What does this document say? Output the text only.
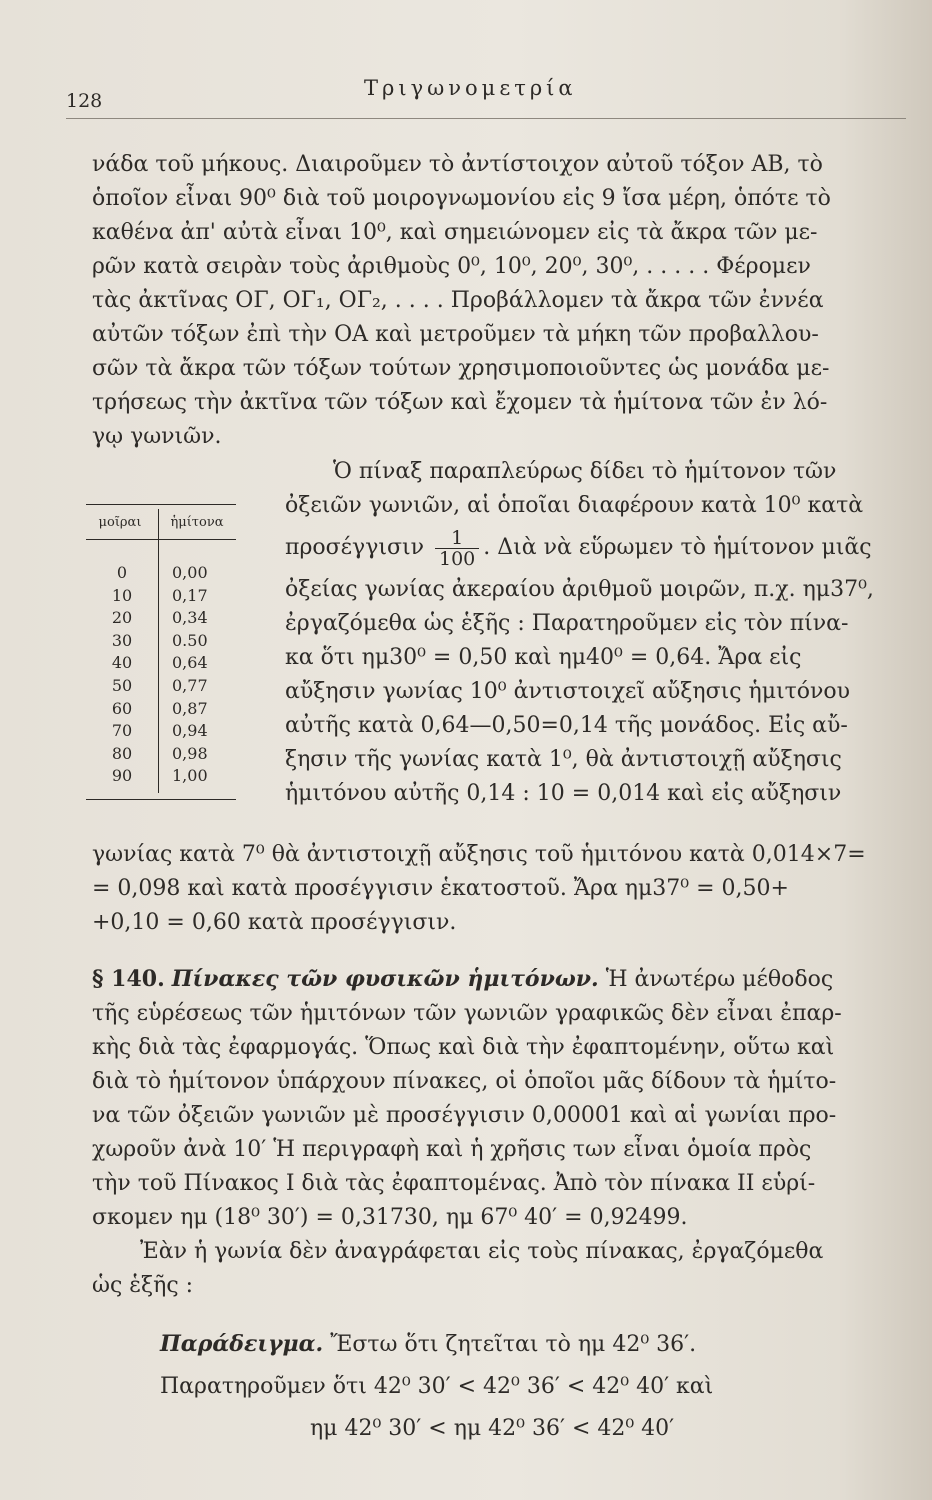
128
Τριγωνομετρία
νάδα τοῦ μήκους. Διαιροῦμεν τὸ ἀντίστοιχον αὐτοῦ τόξον ΑΒ, τὸ
ὁποῖον εἶναι 90⁰ διὰ τοῦ μοιρογνωμονίου εἰς 9 ἴσα μέρη, ὁπότε τὸ
καθένα ἀπ' αὐτὰ εἶναι 10⁰, καὶ σημειώνομεν εἰς τὰ ἄκρα τῶν με-
ρῶν κατὰ σειρὰν τοὺς ἀριθμοὺς 0⁰, 10⁰, 20⁰, 30⁰, . . . . . Φέρομεν
τὰς ἀκτῖνας ΟΓ, ΟΓ₁, ΟΓ₂, . . . . Προβάλλομεν τὰ ἄκρα τῶν ἐννέα
αὐτῶν τόξων ἐπὶ τὴν ΟΑ καὶ μετροῦμεν τὰ μήκη τῶν προβαλλου-
σῶν τὰ ἄκρα τῶν τόξων τούτων χρησιμοποιοῦντες ὡς μονάδα με-
τρήσεως τὴν ἀκτῖνα τῶν τόξων καὶ ἔχομεν τὰ ἡμίτονα τῶν ἐν λό-
γῳ γωνιῶν.
μοῖραι	ἡμίτονα
0	0,00
10	0,17
20	0,34
30	0.50
40	0,64
50	0,77
60	0,87
70	0,94
80	0,98
90	1,00
Ὁ πίναξ παραπλεύρως δίδει τὸ ἡμίτονον τῶν
ὀξειῶν γωνιῶν, αἱ ὁποῖαι διαφέρουν κατὰ 10⁰ κατὰ
προσέγγισιν $\frac{1}{100}$ . Διὰ νὰ εὕρωμεν τὸ ἡμίτονον μιᾶς
ὀξείας γωνίας ἀκεραίου ἀριθμοῦ μοιρῶν, π.χ. ημ37⁰,
ἐργαζόμεθα ὡς ἑξῆς : Παρατηροῦμεν εἰς τὸν πίνα-
κα ὅτι ημ30⁰ = 0,50 καὶ ημ40⁰ = 0,64. Ἄρα εἰς
αὔξησιν γωνίας 10⁰ ἀντιστοιχεῖ αὔξησις ἡμιτόνου
αὐτῆς κατὰ 0,64—0,50=0,14 τῆς μονάδος. Εἰς αὔ-
ξησιν τῆς γωνίας κατὰ 1⁰, θὰ ἀντιστοιχῇ αὔξησις
ἡμιτόνου αὐτῆς 0,14 : 10 = 0,014 καὶ εἰς αὔξησιν
γωνίας κατὰ 7⁰ θὰ ἀντιστοιχῇ αὔξησις τοῦ ἡμιτόνου κατὰ 0,014×7=
= 0,098 καὶ κατὰ προσέγγισιν ἑκατοστοῦ. Ἄρα ημ37⁰ = 0,50+
+0,10 = 0,60 κατὰ προσέγγισιν.
§ 140. Πίνακες τῶν φυσικῶν ἡμιτόνων. Ἡ ἀνωτέρω μέθοδος
τῆς εὑρέσεως τῶν ἡμιτόνων τῶν γωνιῶν γραφικῶς δὲν εἶναι ἐπαρ-
κὴς διὰ τὰς ἐφαρμογάς. Ὅπως καὶ διὰ τὴν ἐφαπτομένην, οὕτω καὶ
διὰ τὸ ἡμίτονον ὑπάρχουν πίνακες, οἱ ὁποῖοι μᾶς δίδουν τὰ ἡμίτο-
να τῶν ὀξειῶν γωνιῶν μὲ προσέγγισιν 0,00001 καὶ αἱ γωνίαι προ-
χωροῦν ἀνὰ 10′ Ἡ περιγραφὴ καὶ ἡ χρῆσις των εἶναι ὁμοία πρὸς
τὴν τοῦ Πίνακος Ι διὰ τὰς ἐφαπτομένας. Ἀπὸ τὸν πίνακα ΙΙ εὑρί-
σκομεν ημ (18⁰ 30′) = 0,31730, ημ 67⁰ 40′ = 0,92499.
Ἐὰν ἡ γωνία δὲν ἀναγράφεται εἰς τοὺς πίνακας, ἐργαζόμεθα
ὡς ἑξῆς :
Παράδειγμα. Ἔστω ὅτι ζητεῖται τὸ ημ 42⁰ 36′.
Παρατηροῦμεν ὅτι 42⁰ 30′ < 42⁰ 36′ < 42⁰ 40′ καὶ
ημ 42⁰ 30′ < ημ 42⁰ 36′ < 42⁰ 40′
